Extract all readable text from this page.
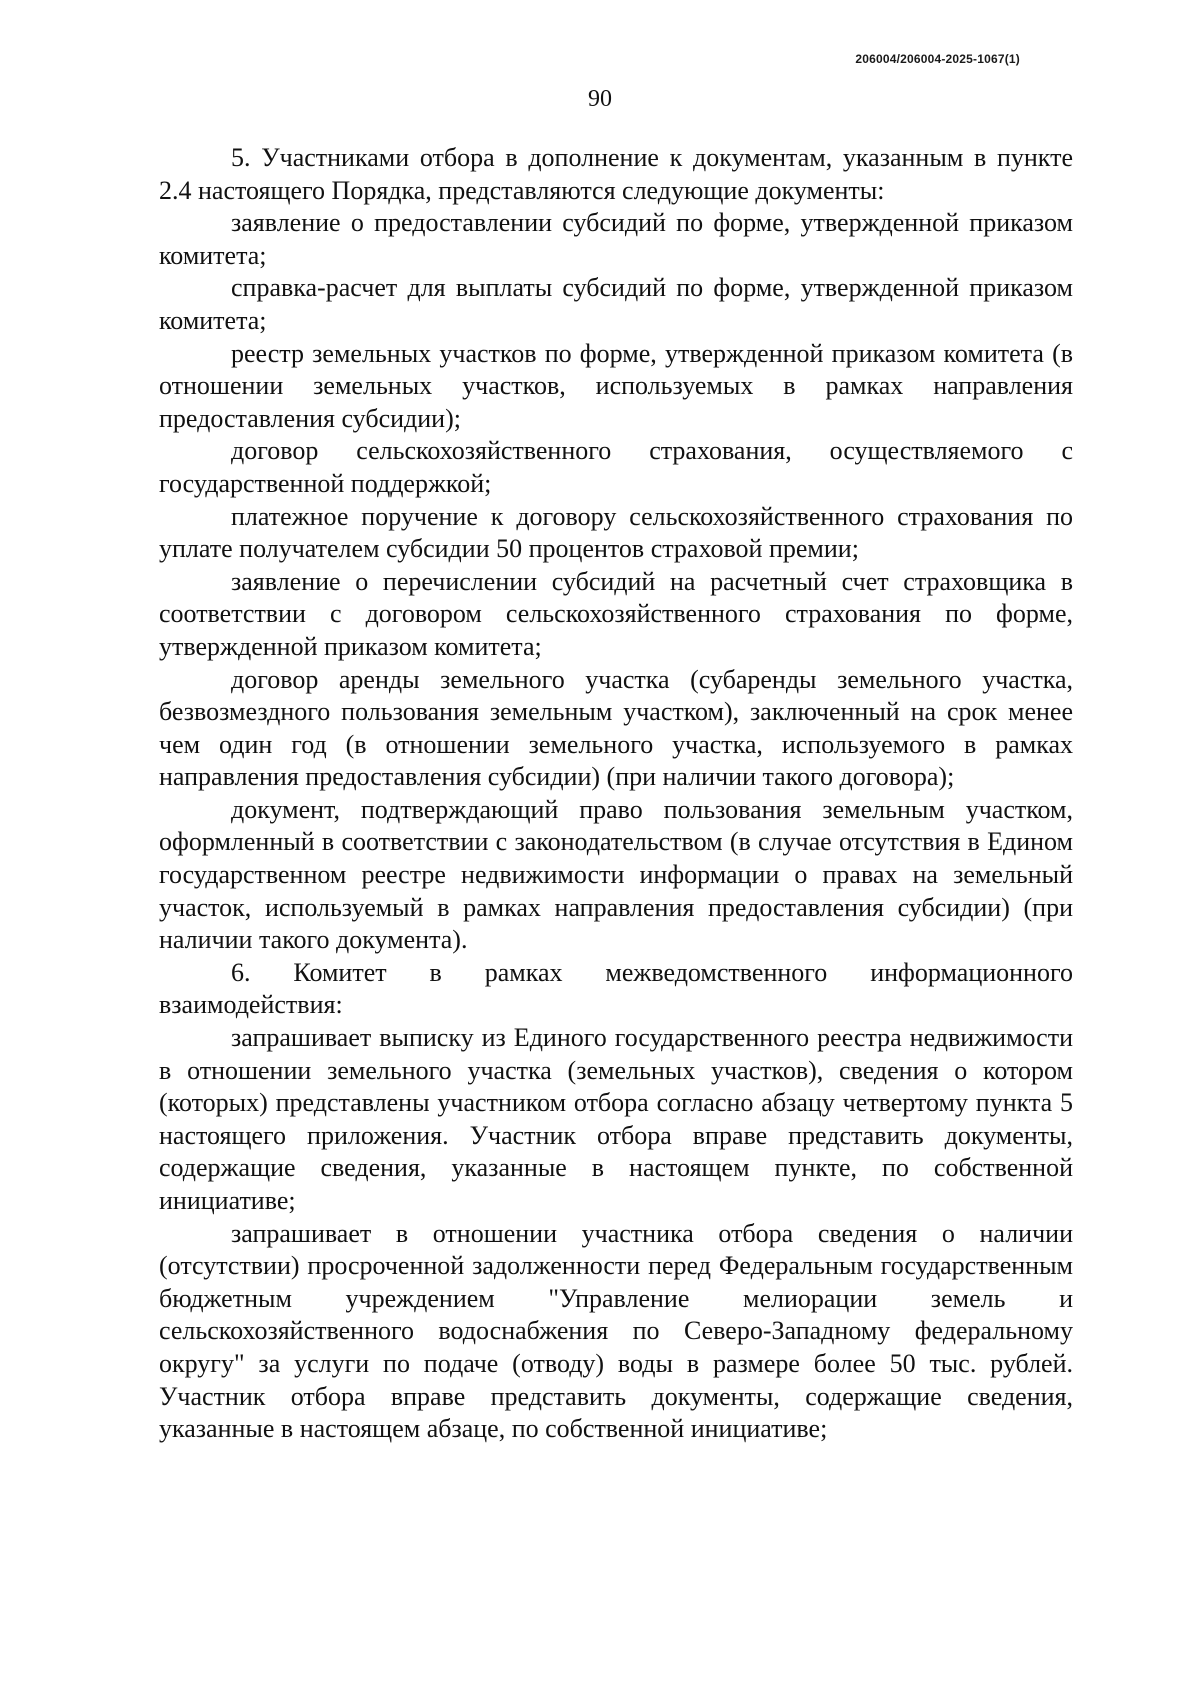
206004/206004-2025-1067(1)
90

5. Участниками отбора в дополнение к документам, указанным в пункте 2.4 настоящего Порядка, представляются следующие документы:

заявление о предоставлении субсидий по форме, утвержденной приказом комитета;

справка-расчет для выплаты субсидий по форме, утвержденной приказом комитета;

реестр земельных участков по форме, утвержденной приказом комитета (в отношении земельных участков, используемых в рамках направления предоставления субсидии);

договор сельскохозяйственного страхования, осуществляемого с государственной поддержкой;

платежное поручение к договору сельскохозяйственного страхования по уплате получателем субсидии 50 процентов страховой премии;

заявление о перечислении субсидий на расчетный счет страховщика в соответствии с договором сельскохозяйственного страхования по форме, утвержденной приказом комитета;

договор аренды земельного участка (субаренды земельного участка, безвозмездного пользования земельным участком), заключенный на срок менее чем один год (в отношении земельного участка, используемого в рамках направления предоставления субсидии) (при наличии такого договора);

документ, подтверждающий право пользования земельным участком, оформленный в соответствии с законодательством (в случае отсутствия в Едином государственном реестре недвижимости информации о правах на земельный участок, используемый в рамках направления предоставления субсидии) (при наличии такого документа).

6. Комитет в рамках межведомственного информационного взаимодействия:

запрашивает выписку из Единого государственного реестра недвижимости в отношении земельного участка (земельных участков), сведения о котором (которых) представлены участником отбора согласно абзацу четвертому пункта 5 настоящего приложения. Участник отбора вправе представить документы, содержащие сведения, указанные в настоящем пункте, по собственной инициативе;

запрашивает в отношении участника отбора сведения о наличии (отсутствии) просроченной задолженности перед Федеральным государственным бюджетным учреждением "Управление мелиорации земель и сельскохозяйственного водоснабжения по Северо-Западному федеральному округу" за услуги по подаче (отводу) воды в размере более 50 тыс. рублей. Участник отбора вправе представить документы, содержащие сведения, указанные в настоящем абзаце, по собственной инициативе;
